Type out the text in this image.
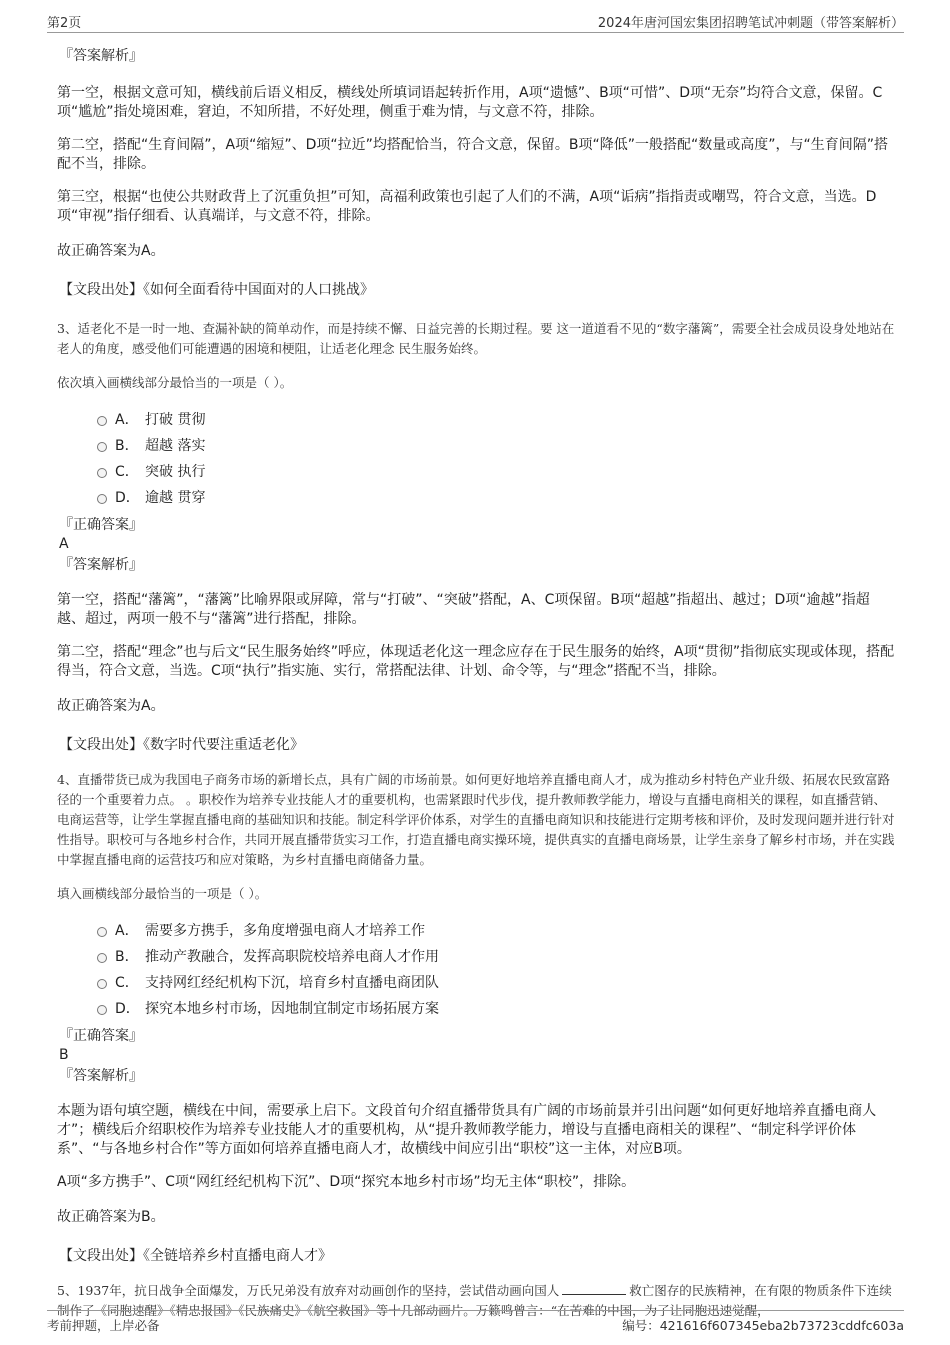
第2页	2024年唐河国宏集团招聘笔试冲刺题（带答案解析）
『答案解析』
第一空，根据文意可知，横线前后语义相反，横线处所填词语起转折作用，A项“遗憾”、B项“可惜”、D项“无奈”均符合文意，保留。C项“尴尬”指处境困难，窘迫，不知所措，不好处理，侧重于难为情，与文意不符，排除。
第二空，搭配“生育间隔”，A项“缩短”、D项“拉近”均搭配恰当，符合文意，保留。B项“降低”一般搭配“数量或高度”，与“生育间隔”搭配不当，排除。
第三空，根据“也使公共财政背上了沉重负担”可知，高福利政策也引起了人们的不满，A项“诟病”指指责或嘲骂，符合文意，当选。D项“审视”指仔细看、认真端详，与文意不符，排除。
故正确答案为A。
【文段出处】《如何全面看待中国面对的人口挑战》
3、适老化不是一时一地、查漏补缺的简单动作，而是持续不懈、日益完善的长期过程。要 这一道道看不见的“数字藩篱”，需要全社会成员设身处地站在老人的角度，感受他们可能遭遇的困境和梗阻，让适老化理念 民生服务始终。
依次填入画横线部分最恰当的一项是（ ）。
A． 打破 贯彻
B． 超越 落实
C． 突破 执行
D． 逾越 贯穿
『正确答案』
A
『答案解析』
第一空，搭配“藩篱”，“藩篱”比喻界限或屏障，常与“打破”、“突破”搭配，A、C项保留。B项“超越”指超出、越过；D项“逾越”指超越、超过，两项一般不与“藩篱”进行搭配，排除。
第二空，搭配“理念”也与后文“民生服务始终”呼应，体现适老化这一理念应存在于民生服务的始终，A项“贯彻”指彻底实现或体现，搭配得当，符合文意，当选。C项“执行”指实施、实行，常搭配法律、计划、命令等，与“理念”搭配不当，排除。
故正确答案为A。
【文段出处】《数字时代要注重适老化》
4、直播带货已成为我国电子商务市场的新增长点，具有广阔的市场前景。如何更好地培养直播电商人才，成为推动乡村特色产业升级、拓展农民致富路径的一个重要着力点。 。职校作为培养专业技能人才的重要机构，也需紧跟时代步伐，提升教师教学能力，增设与直播电商相关的课程，如直播营销、电商运营等，让学生掌握直播电商的基础知识和技能。制定科学评价体系，对学生的直播电商知识和技能进行定期考核和评价，及时发现问题并进行针对性指导。职校可与各地乡村合作，共同开展直播带货实习工作，打造直播电商实操环境，提供真实的直播电商场景，让学生亲身了解乡村市场，并在实践中掌握直播电商的运营技巧和应对策略，为乡村直播电商储备力量。
填入画横线部分最恰当的一项是（ ）。
A． 需要多方携手，多角度增强电商人才培养工作
B． 推动产教融合，发挥高职院校培养电商人才作用
C． 支持网红经纪机构下沉，培育乡村直播电商团队
D． 探究本地乡村市场，因地制宜制定市场拓展方案
『正确答案』
B
『答案解析』
本题为语句填空题，横线在中间，需要承上启下。文段首句介绍直播带货具有广阔的市场前景并引出问题“如何更好地培养直播电商人才”；横线后介绍职校作为培养专业技能人才的重要机构，从“提升教师教学能力，增设与直播电商相关的课程”、“制定科学评价体系”、“与各地乡村合作”等方面如何培养直播电商人才，故横线中间应引出“职校”这一主体，对应B项。
A项“多方携手”、C项“网红经纪机构下沉”、D项“探究本地乡村市场”均无主体“职校”，排除。
故正确答案为B。
【文段出处】《全链培养乡村直播电商人才》
5、1937年，抗日战争全面爆发，万氏兄弟没有放弃对动画创作的坚持，尝试借动画向国人	救亡图存的民族精神，在有限的物质条件下连续制作了《同胞速醒》《精忠报国》《民族痛史》《航空救国》等十几部动画片。万籁鸣曾言：“在苦难的中国，为了让同胞迅速觉醒，
考前押题，上岸必备	编号：421616f607345eba2b73723cddfc603a
